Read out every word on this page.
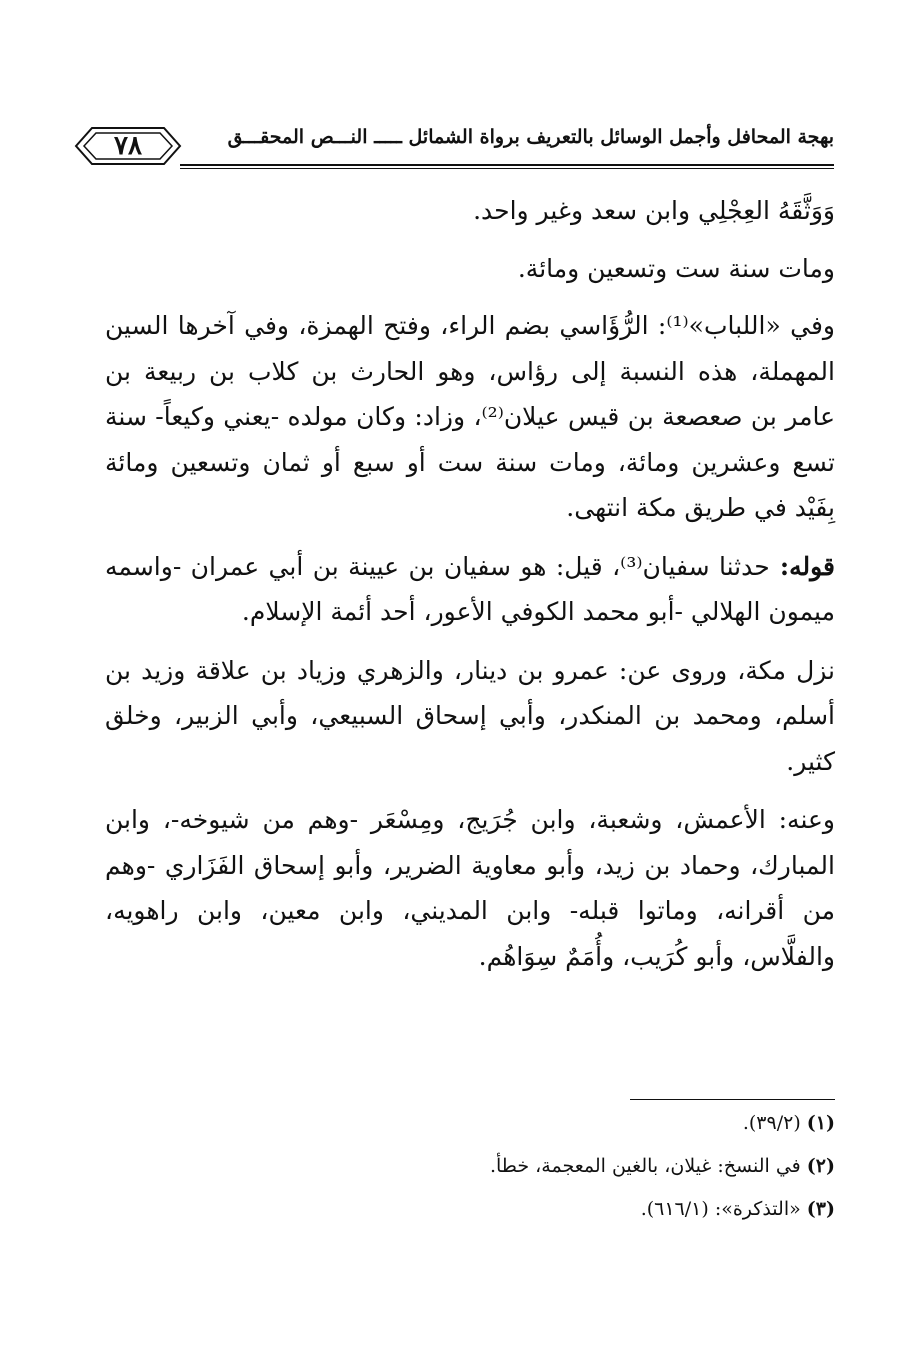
بهجة المحافل وأجمل الوسائل بالتعريف برواة الشمائل ـــــ النـــص المحقـــق
٧٨

وَوَثَّقَهُ العِجْلِي وابن سعد وغير واحد.

ومات سنة ست وتسعين ومائة.

وفي «اللباب»⁽¹⁾: الرُّؤَاسي بضم الراء، وفتح الهمزة، وفي آخرها السين المهملة، هذه النسبة إلى رؤاس، وهو الحارث بن كلاب بن ربيعة بن عامر بن صعصعة بن قيس عيلان⁽²⁾، وزاد: وكان مولده -يعني وكيعاً- سنة تسع وعشرين ومائة، ومات سنة ست أو سبع أو ثمان وتسعين ومائة بِفَيْد في طريق مكة انتهى.

قوله: حدثنا سفيان⁽³⁾، قيل: هو سفيان بن عيينة بن أبي عمران -واسمه ميمون الهلالي -أبو محمد الكوفي الأعور، أحد أئمة الإسلام.

نزل مكة، وروى عن: عمرو بن دينار، والزهري وزياد بن علاقة وزيد بن أسلم، ومحمد بن المنكدر، وأبي إسحاق السبيعي، وأبي الزبير، وخلق كثير.

وعنه: الأعمش، وشعبة، وابن جُرَيج، ومِسْعَر -وهم من شيوخه-، وابن المبارك، وحماد بن زيد، وأبو معاوية الضرير، وأبو إسحاق الفَزَاري -وهم من أقرانه، وماتوا قبله- وابن المديني، وابن معين، وابن راهويه، والفلَّاس، وأبو كُرَيب، وأُمَمٌ سِوَاهُم.

(١) (٣٩/٢).
(٢) في النسخ: غيلان، بالغين المعجمة، خطأ.
(٣) «التذكرة»: (٦١٦/١).
